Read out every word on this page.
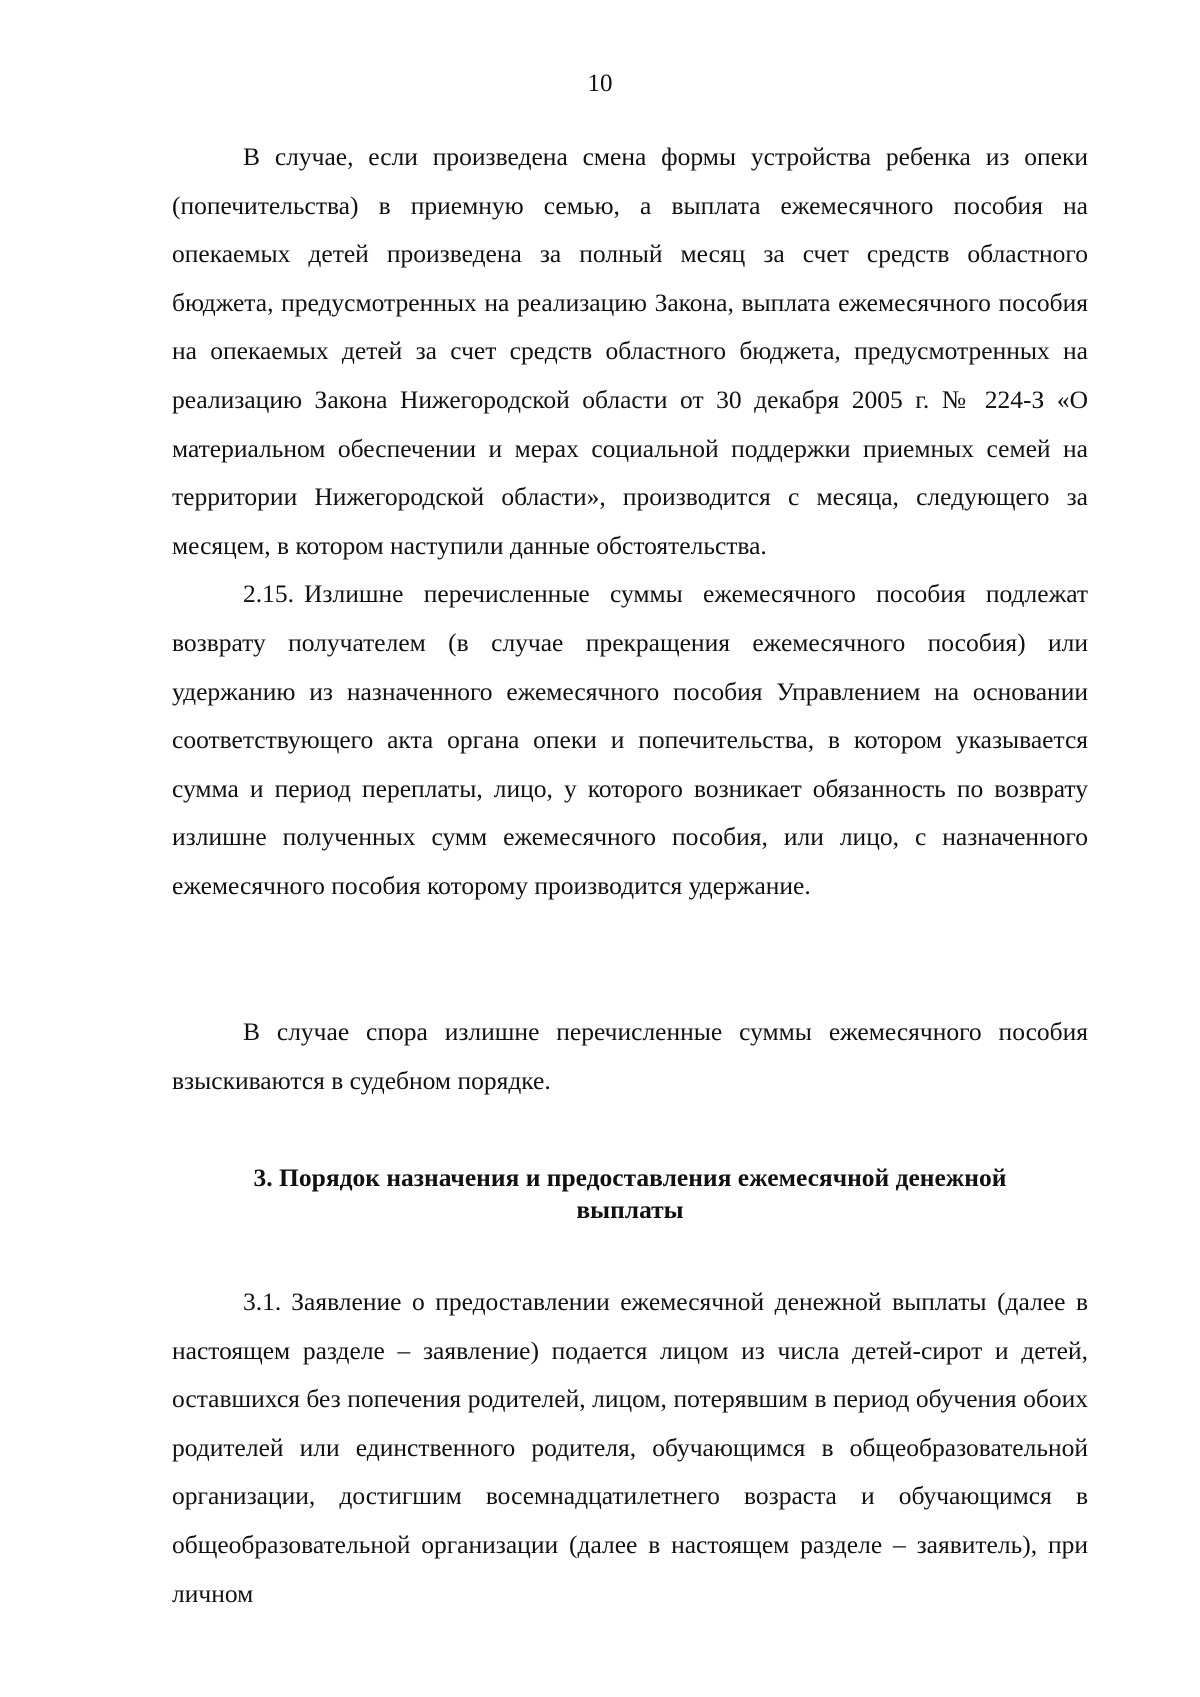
10

В случае, если произведена смена формы устройства ребенка из опеки (попечительства) в приемную семью, а выплата ежемесячного пособия на опекаемых детей произведена за полный месяц за счет средств областного бюджета, предусмотренных на реализацию Закона, выплата ежемесячного пособия на опекаемых детей за счет средств областного бюджета, предусмотренных на реализацию Закона Нижегородской области от 30 декабря 2005 г. № 224-З «О материальном обеспечении и мерах социальной поддержки приемных семей на территории Нижегородской области», производится с месяца, следующего за месяцем, в котором наступили данные обстоятельства.

2.15. Излишне перечисленные суммы ежемесячного пособия подлежат возврату получателем (в случае прекращения ежемесячного пособия) или удержанию из назначенного ежемесячного пособия Управлением на основании соответствующего акта органа опеки и попечительства, в котором указывается сумма и период переплаты, лицо, у которого возникает обязанность по возврату излишне полученных сумм ежемесячного пособия, или лицо, с назначенного ежемесячного пособия которому производится удержание.

В случае спора излишне перечисленные суммы ежемесячного пособия взыскиваются в судебном порядке.

3. Порядок назначения и предоставления ежемесячной денежной
выплаты

3.1. Заявление о предоставлении ежемесячной денежной выплаты (далее в настоящем разделе – заявление) подается лицом из числа детей-сирот и детей, оставшихся без попечения родителей, лицом, потерявшим в период обучения обоих родителей или единственного родителя, обучающимся в общеобразовательной организации, достигшим восемнадцатилетнего возраста и обучающимся в общеобразовательной организации (далее в настоящем разделе – заявитель), при личном
